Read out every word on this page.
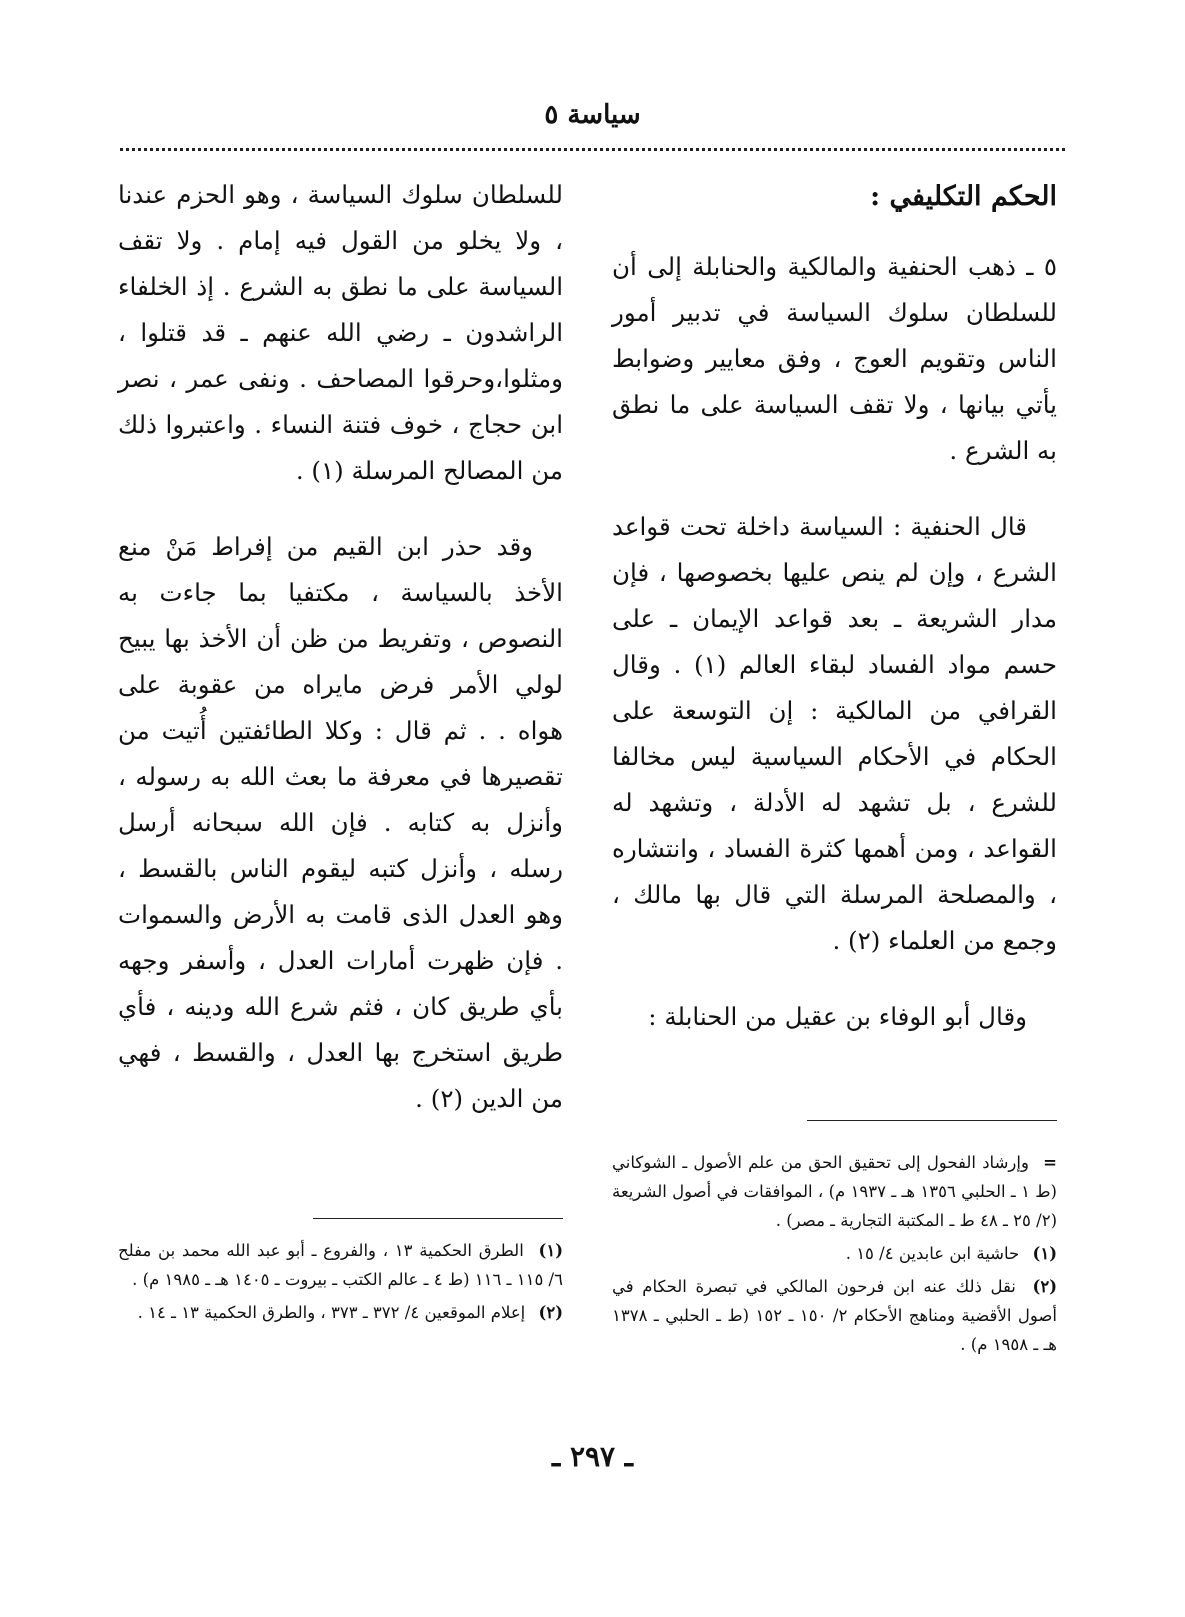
سياسة ٥
الحكم التكليفي :

٥ ـ ذهب الحنفية والمالكية والحنابلة إلى أن للسلطان سلوك السياسة في تدبير أمور الناس وتقويم العوج ، وفق معايير وضوابط يأتي بيانها ، ولا تقف السياسة على ما نطق به الشرع .

قال الحنفية : السياسة داخلة تحت قواعد الشرع ، وإن لم ينص عليها بخصوصها ، فإن مدار الشريعة ـ بعد قواعد الإيمان ـ على حسم مواد الفساد لبقاء العالم (١) . وقال القرافي من المالكية : إن التوسعة على الحكام في الأحكام السياسية ليس مخالفا للشرع ، بل تشهد له الأدلة ، وتشهد له القواعد ، ومن أهمها كثرة الفساد ، وانتشاره ، والمصلحة المرسلة التي قال بها مالك ، وجمع من العلماء (٢) .

وقال أبو الوفاء بن عقيل من الحنابلة :

للسلطان سلوك السياسة ، وهو الحزم عندنا ، ولا يخلو من القول فيه إمام . ولا تقف السياسة على ما نطق به الشرع . إذ الخلفاء الراشدون ـ رضي الله عنهم ـ قد قتلوا ، ومثلوا،وحرقوا المصاحف . ونفى عمر ، نصر ابن حجاج ، خوف فتنة النساء . واعتبروا ذلك من المصالح المرسلة (١) .

وقد حذر ابن القيم من إفراط مَنْ منع الأخذ بالسياسة ، مكتفيا بما جاءت به النصوص ، وتفريط من ظن أن الأخذ بها يبيح لولي الأمر فرض مايراه من عقوبة على هواه . . ثم قال : وكلا الطائفتين أُتيت من تقصيرها في معرفة ما بعث الله به رسوله ، وأنزل به كتابه . فإن الله سبحانه أرسل رسله ، وأنزل كتبه ليقوم الناس بالقسط ، وهو العدل الذى قامت به الأرض والسموات . فإن ظهرت أمارات العدل ، وأسفر وجهه بأي طريق كان ، فثم شرع الله ودينه ، فأي طريق استخرج بها العدل ، والقسط ، فهي من الدين (٢) .

= وإرشاد الفحول إلى تحقيق الحق من علم الأصول ـ الشوكاني (ط ١ ـ الحلبي ١٣٥٦ هـ ـ ١٩٣٧ م) ، الموافقات في أصول الشريعة (٢/ ٢٥ ـ ٤٨ ط ـ المكتبة التجارية ـ مصر) .
(١) حاشية ابن عابدين ٤/ ١٥ .
(٢) نقل ذلك عنه ابن فرحون المالكي في تبصرة الحكام في أصول الأقضية ومناهج الأحكام ٢/ ١٥٠ ـ ١٥٢ (ط ـ الحلبي ـ ١٣٧٨ هـ ـ ١٩٥٨ م) .
(١) الطرق الحكمية ١٣ ، والفروع ـ أبو عبد الله محمد بن مفلح ٦/ ١١٥ ـ ١١٦ (ط ٤ ـ عالم الكتب ـ بيروت ـ ١٤٠٥ هـ ـ ١٩٨٥ م) .
(٢) إعلام الموقعين ٤/ ٣٧٢ ـ ٣٧٣ ، والطرق الحكمية ١٣ ـ ١٤ .
ـ ٢٩٧ ـ
